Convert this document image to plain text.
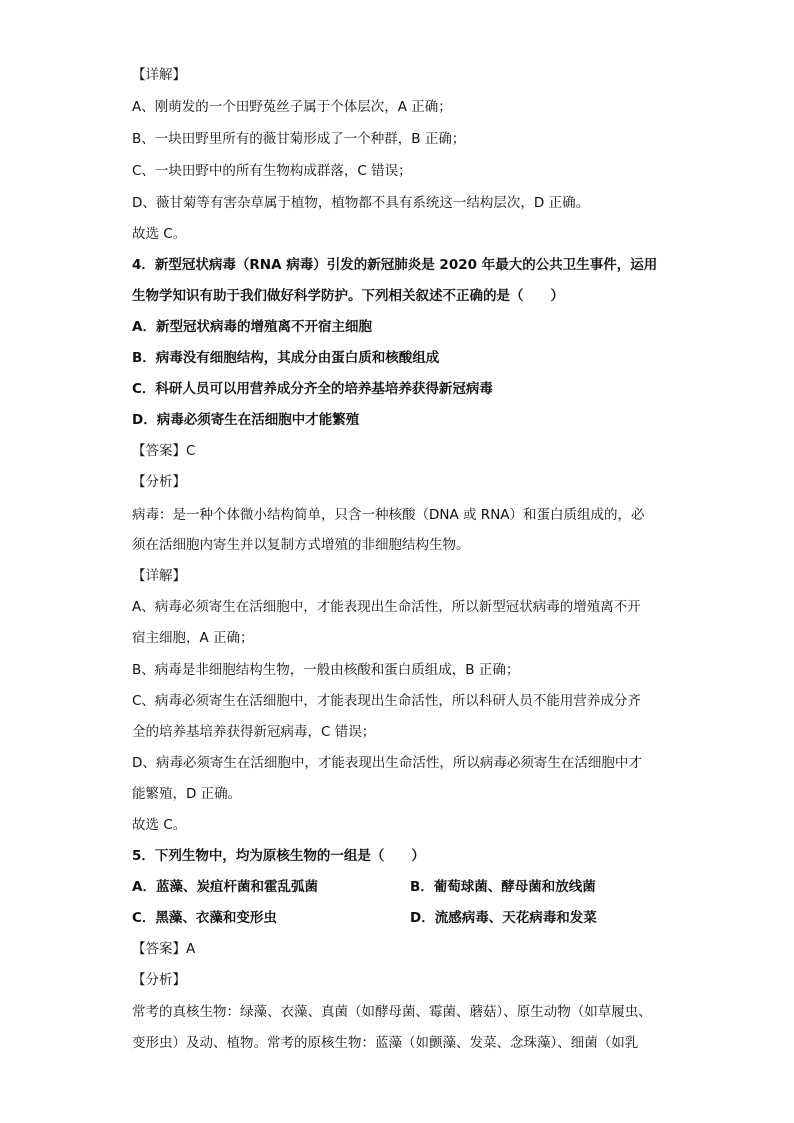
【详解】
A、刚萌发的一个田野菟丝子属于个体层次，A 正确；
B、一块田野里所有的薇甘菊形成了一个种群，B 正确；
C、一块田野中的所有生物构成群落，C 错误；
D、薇甘菊等有害杂草属于植物，植物都不具有系统这一结构层次，D 正确。
故选 C。
4．新型冠状病毒（RNA 病毒）引发的新冠肺炎是 2020 年最大的公共卫生事件，运用
生物学知识有助于我们做好科学防护。下列相关叙述不正确的是（　　）
A．新型冠状病毒的增殖离不开宿主细胞
B．病毒没有细胞结构，其成分由蛋白质和核酸组成
C．科研人员可以用营养成分齐全的培养基培养获得新冠病毒
D．病毒必须寄生在活细胞中才能繁殖
【答案】C
【分析】
病毒：是一种个体微小结构简单，只含一种核酸（DNA 或 RNA）和蛋白质组成的，必
须在活细胞内寄生并以复制方式增殖的非细胞结构生物。
【详解】
A、病毒必须寄生在活细胞中，才能表现出生命活性，所以新型冠状病毒的增殖离不开
宿主细胞，A 正确；
B、病毒是非细胞结构生物，一般由核酸和蛋白质组成，B 正确；
C、病毒必须寄生在活细胞中，才能表现出生命活性，所以科研人员不能用营养成分齐
全的培养基培养获得新冠病毒，C 错误；
D、病毒必须寄生在活细胞中，才能表现出生命活性，所以病毒必须寄生在活细胞中才
能繁殖，D 正确。
故选 C。
5．下列生物中，均为原核生物的一组是（　　）
A．蓝藻、炭疽杆菌和霍乱弧菌	B．葡萄球菌、酵母菌和放线菌
C．黑藻、衣藻和变形虫	D．流感病毒、天花病毒和发菜
【答案】A
【分析】
常考的真核生物：绿藻、衣藻、真菌（如酵母菌、霉菌、蘑菇）、原生动物（如草履虫、
变形虫）及动、植物。常考的原核生物：蓝藻（如颤藻、发菜、念珠藻）、细菌（如乳
